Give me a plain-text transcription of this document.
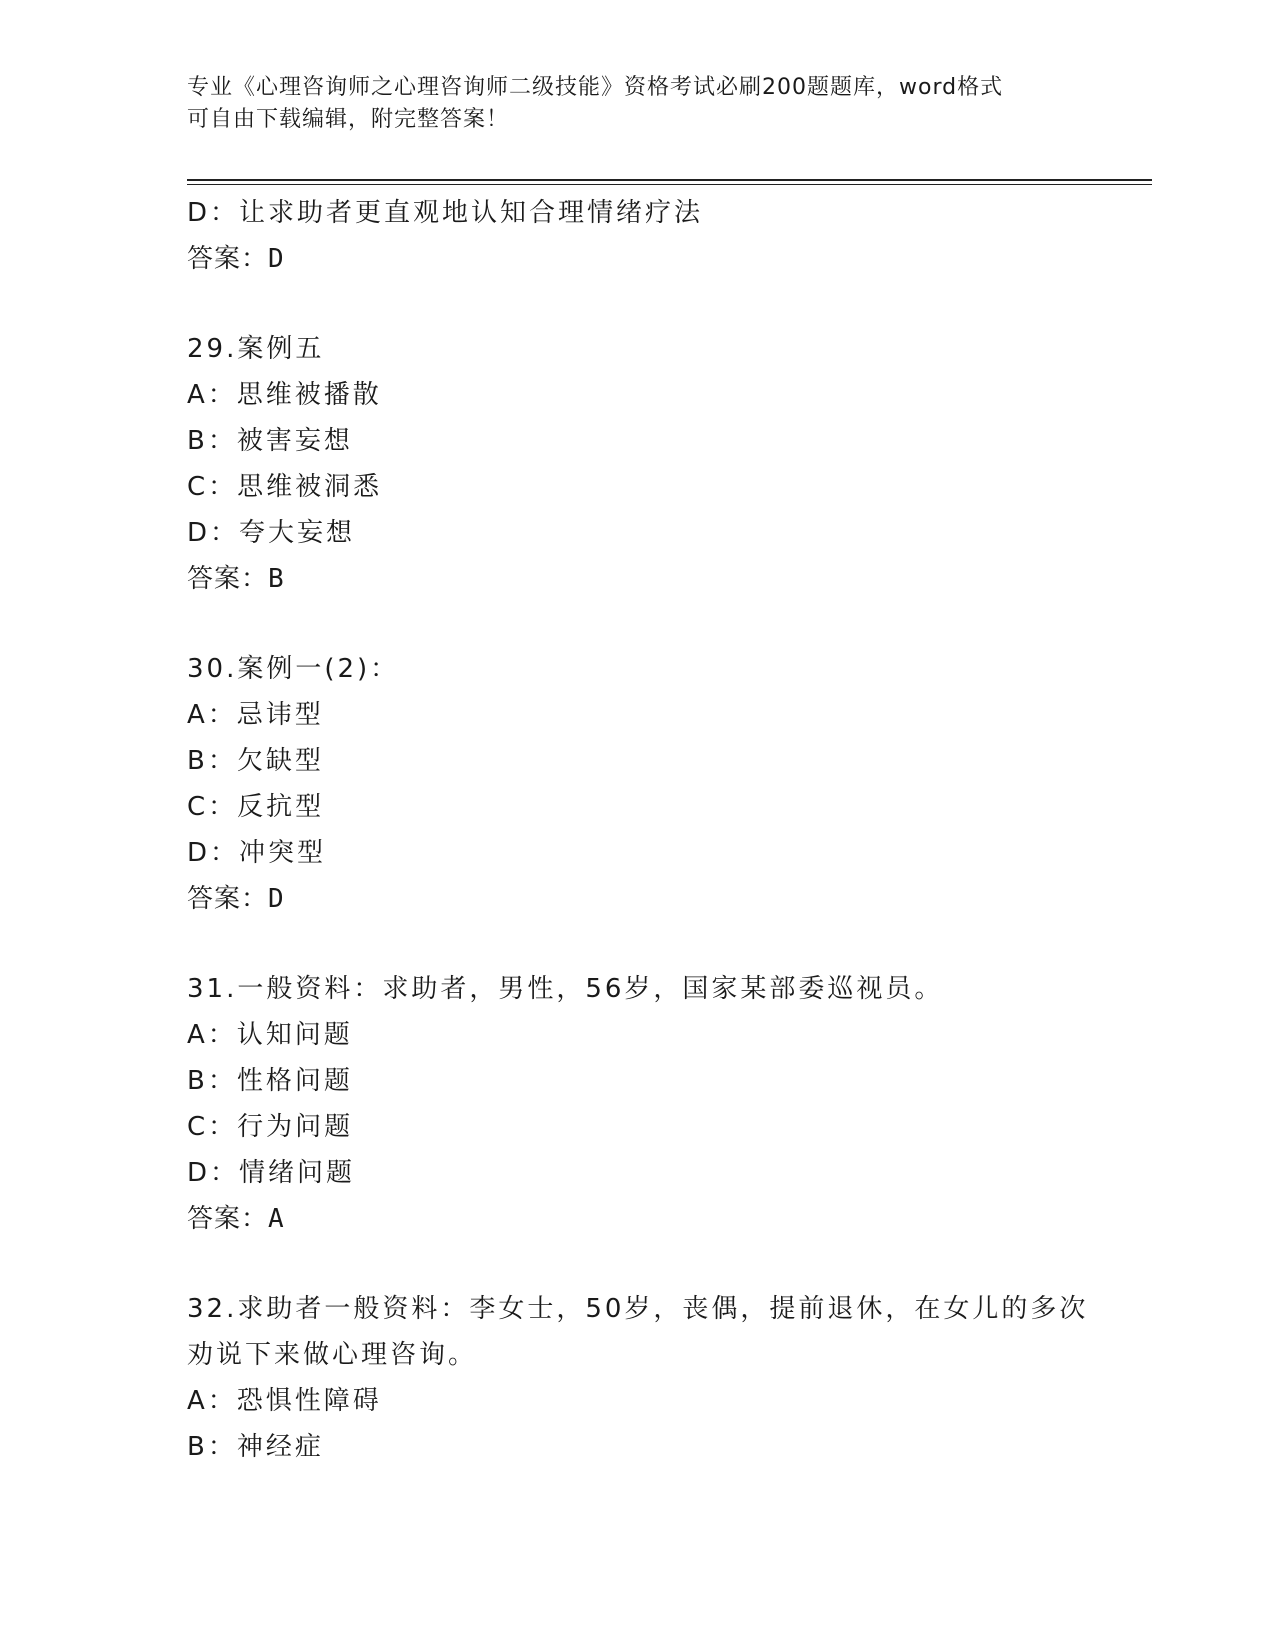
专业《心理咨询师之心理咨询师二级技能》资格考试必刷200题题库，word格式
可自由下载编辑，附完整答案！
D：让求助者更直观地认知合理情绪疗法
答案：D
29.案例五
A：思维被播散
B：被害妄想
C：思维被洞悉
D：夸大妄想
答案：B
30.案例一(2)：
A：忌讳型
B：欠缺型
C：反抗型
D：冲突型
答案：D
31.一般资料：求助者，男性，56岁，国家某部委巡视员。
A：认知问题
B：性格问题
C：行为问题
D：情绪问题
答案：A
32.求助者一般资料：李女士，50岁，丧偶，提前退休，在女儿的多次
劝说下来做心理咨询。
A：恐惧性障碍
B：神经症
